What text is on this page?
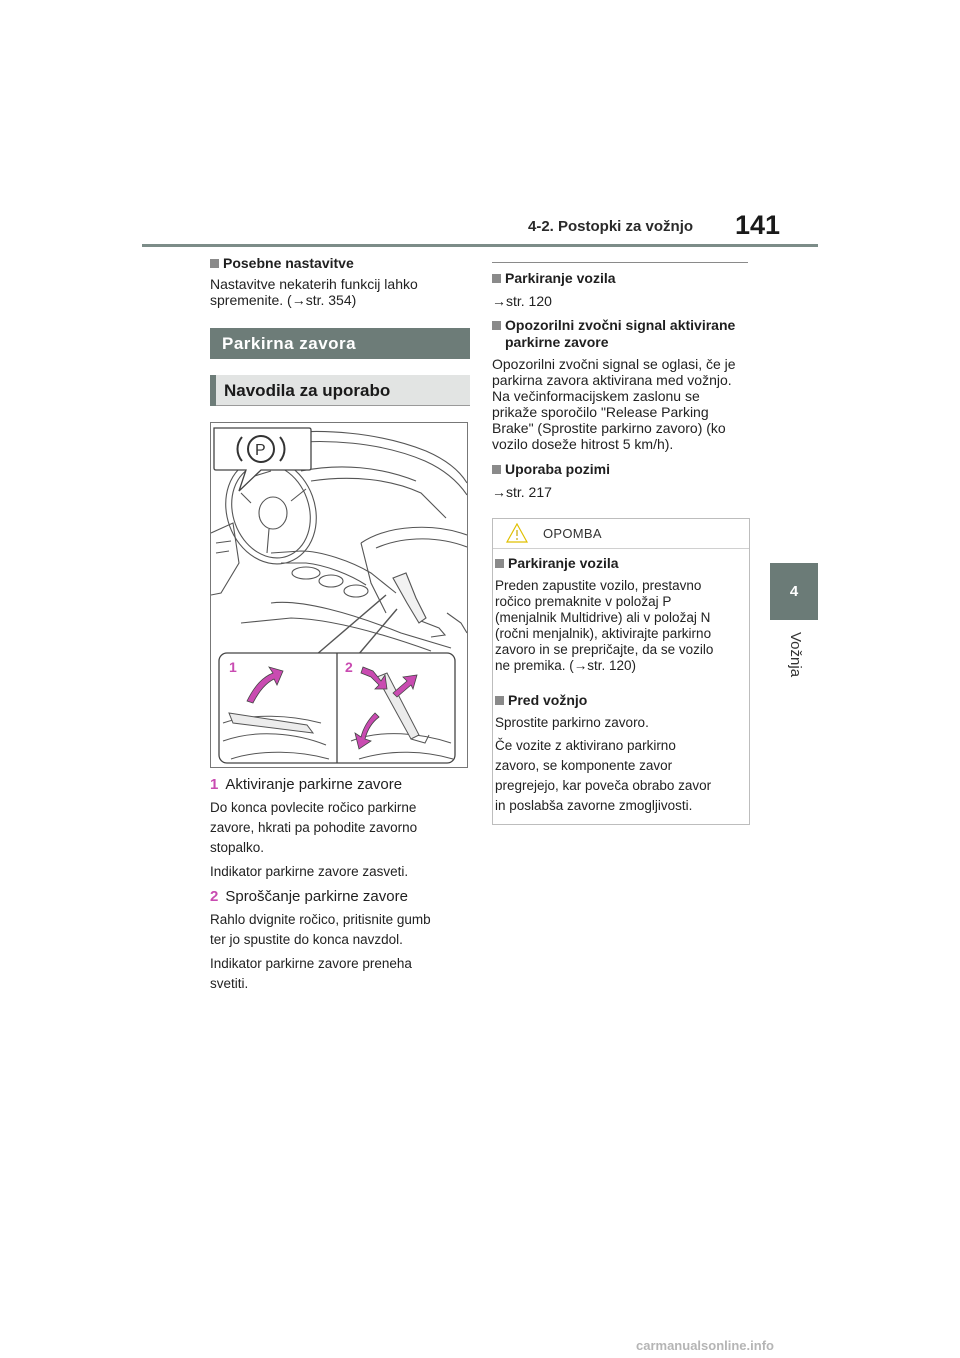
4-2. Postopki za vožnjo 141
4
Vožnja
Posebne nastavitve
Nastavitve nekaterih funkcij lahko
spremenite. (→str. 354)
Parkirna zavora
Navodila za uporabo
P
1	2
1 Aktiviranje parkirne zavore
Do konca povlecite ročico parkirne
zavore, hkrati pa pohodite zavorno
stopalko.
Indikator parkirne zavore zasveti.
2 Sproščanje parkirne zavore
Rahlo dvignite ročico, pritisnite gumb
ter jo spustite do konca navzdol.
Indikator parkirne zavore preneha
svetiti.
Parkiranje vozila
→str. 120
Opozorilni zvočni signal aktivirane
parkirne zavore
Opozorilni zvočni signal se oglasi, če je
parkirna zavora aktivirana med vožnjo.
Na večinformacijskem zaslonu se
prikaže sporočilo "Release Parking
Brake" (Sprostite parkirno zavoro) (ko
vozilo doseže hitrost 5 km/h).
Uporaba pozimi
→str. 217
OPOMBA
Parkiranje vozila
Preden zapustite vozilo, prestavno
ročico premaknite v položaj P
(menjalnik Multidrive) ali v položaj N
(ročni menjalnik), aktivirajte parkirno
zavoro in se prepričajte, da se vozilo
ne premika. (→str. 120)
Pred vožnjo
Sprostite parkirno zavoro.
Če vozite z aktivirano parkirno
zavoro, se komponente zavor
pregrejejo, kar poveča obrabo zavor
in poslabša zavorne zmogljivosti.
carmanualsonline.info
